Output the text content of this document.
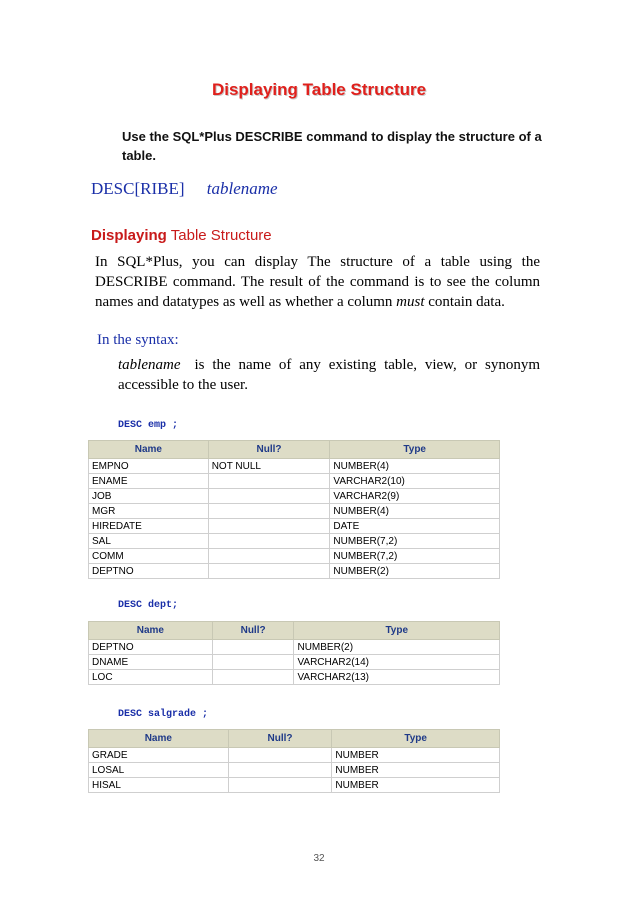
Displaying Table Structure
Use the SQL*Plus DESCRIBE command to display the structure of a table.
DESC[RIBE] tablename
Displaying Table Structure
In SQL*Plus, you can display The structure of a table using the DESCRIBE command. The result of the command is to see the column names and datatypes as well as whether a column must contain data.
In the syntax:
tablename is the name of any existing table, view, or synonym accessible to the user.
DESC emp ;
Name	Null?	Type
EMPNO	NOT NULL	NUMBER(4)
ENAME		VARCHAR2(10)
JOB		VARCHAR2(9)
MGR		NUMBER(4)
HIREDATE		DATE
SAL		NUMBER(7,2)
COMM		NUMBER(7,2)
DEPTNO		NUMBER(2)
DESC dept;
Name	Null?	Type
DEPTNO		NUMBER(2)
DNAME		VARCHAR2(14)
LOC		VARCHAR2(13)
DESC salgrade ;
Name	Null?	Type
GRADE		NUMBER
LOSAL		NUMBER
HISAL		NUMBER
32
